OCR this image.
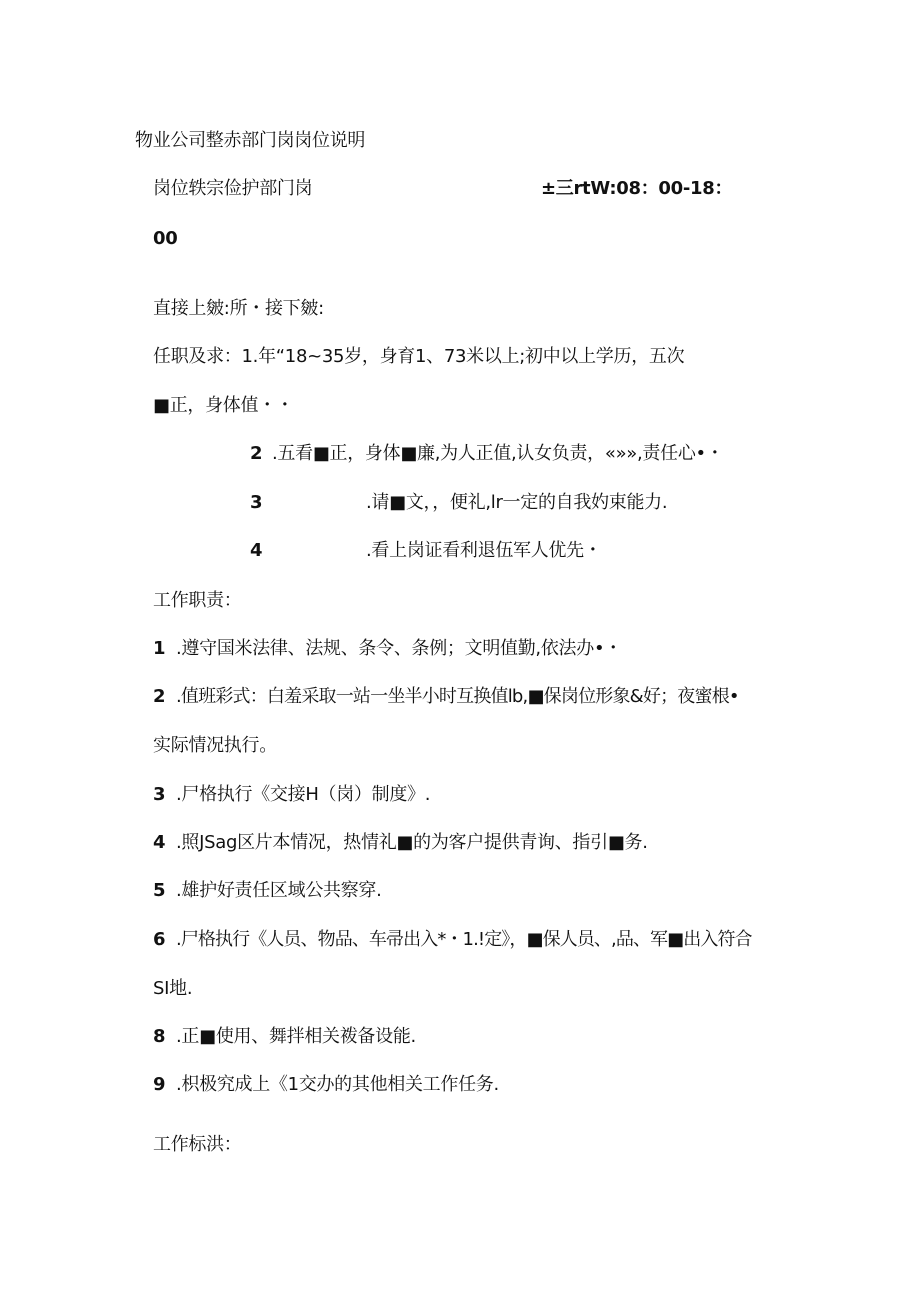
物业公司整赤部门岗岗位说明
岗位轶宗俭护部门岗	±三rtW:08：00-18：
00
直接上皴:所・接下皴:
任职及求：1.年“18~35岁，身育1、73米以上;初中以上学历，五次
■正，身体值・・
2 .五看■正，身体■廉,为人正值,认女负责，«»»,责任心•・
3	.请■文，，便礼,lr一定的自我妁束能力.
4	.看上岗证看利退伍军人优先・
工作职责：
1 .遵守国米法律、法规、条令、条例；文明值勤,依法办•・
2 .值班彩式：白羞采取一站一坐半小时互换值lb,■保岗位形象&好；夜蜜根•
实际情况执行。
3 .尸格执行《交接H（岗）制度》.
4 .照JSag区片本情况，热情礼■的为客户提供青询、指引■务.
5 .雄护好责任区域公共察穿.
6 .尸格执行《人员、物品、车帚出入*・1.!定》，■保人员、,品、军■出入符合
SI地.
8 .正■使用、舞拌相关袯备设能.
9 .枳极究成上《1交办的其他相关工作任务.
工作标洪：
